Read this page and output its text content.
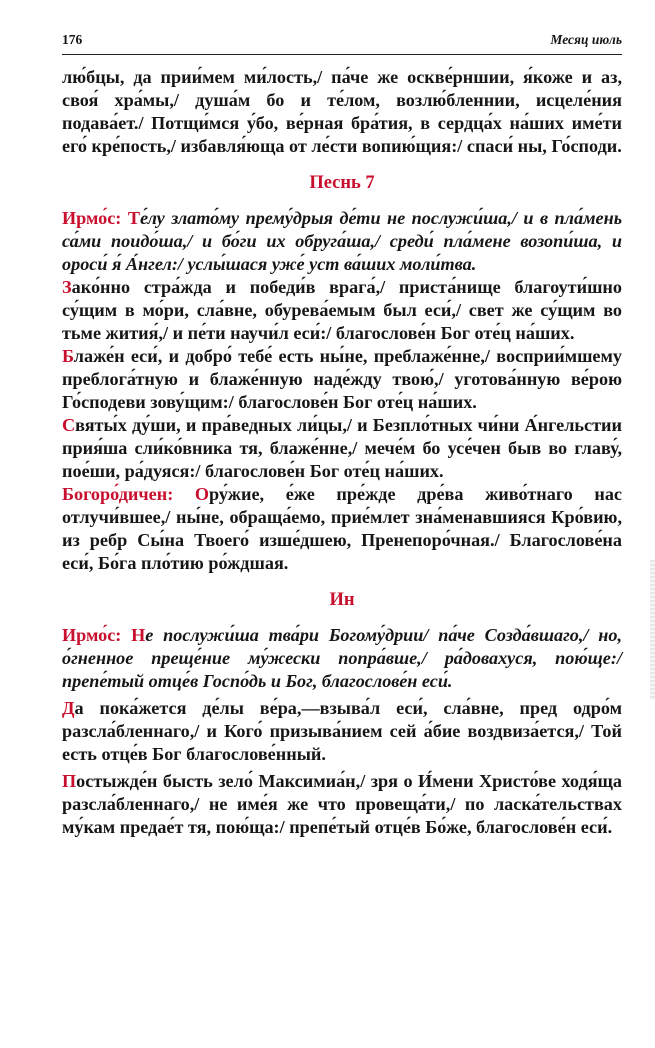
176	Месяц июль

лю́бцы, да прии́мем ми́лость,/ па́че же оскве́рншии, я́коже и аз, своя́ хра́мы,/ душа́м бо и те́лом, возлю́бленнии, исцеле́ния подава́ет./ Потщи́мся у́бо, ве́рная бра́тия, в сердца́х на́ших име́ти его́ кре́пость,/ избавля́юща от ле́сти вопию́щия:/ спаси́ ны, Го́споди.

Песнь 7

Ирмо́с: Те́лу злато́му прему́дрыя де́ти не послужи́ша,/ и в пла́мень са́ми поидо́ша,/ и бо́ги их обруга́ша,/ среди́ пла́мене возопи́ша, и ороси́ я́ А́нгел:/ услы́шася уже́ уст ва́ших моли́тва.

Зако́нно стра́жда и победи́в врага́,/ приста́нище благоути́шно су́щим в мо́ри, сла́вне, обурева́емым был еси́,/ свет же су́щим во тьме жития́,/ и пе́ти научи́л еси́:/ благослове́н Бог оте́ц на́ших.

Блаже́н еси́, и добро́ тебе́ есть ны́не, преблаже́нне,/ восприи́мшему преблога́тную и блаже́нную наде́жду твою́,/ уготова́нную ве́рою Го́сподеви зову́щим:/ благослове́н Бог оте́ц на́ших.

Святы́х ду́ши, и пра́ведных ли́цы,/ и Безпло́тных чи́ни А́нгельстии прия́ша сли́ко́вника тя, блаже́нне,/ мече́м бо усе́чен быв во главу́, пое́ши, ра́дуяся:/ благослове́н Бог оте́ц на́ших.

Богоро́дичен: Ору́жие, е́же пре́жде дре́ва живо́тнаго нас отлучи́вшее,/ ны́не, обраща́емо, прие́млет зна́менавшияся Кро́вию, из ребр Сы́на Твоего́ изше́дшею, Пренепоро́чная./ Благослове́на еси́, Бо́га пло́тию ро́ждшая.

Ин

Ирмо́с: Не послужи́ша тва́ри Богому́дрии/ па́че Созда́вшаго,/ но, о́гненное преще́ние му́жески попра́вше,/ ра́довахуся, пою́ще:/ препе́тый отце́в Госпо́дь и Бог, благослове́н еси́.

Да пока́жется де́лы ве́ра,—взыва́л еси́, сла́вне, пред одро́м разсла́бленнаго,/ и Кого́ призыва́нием сей а́бие воздвиза́ется,/ Той есть отце́в Бог благослове́нный.

Постыжде́н бысть зело́ Максимиа́н,/ зря о И́мени Христо́ве ходя́ща разсла́бленнаго,/ не име́я же что провеща́ти,/ по ласка́тельствах му́кам предае́т тя, пою́ща:/ препе́тый отце́в Бо́же, благослове́н еси́.
